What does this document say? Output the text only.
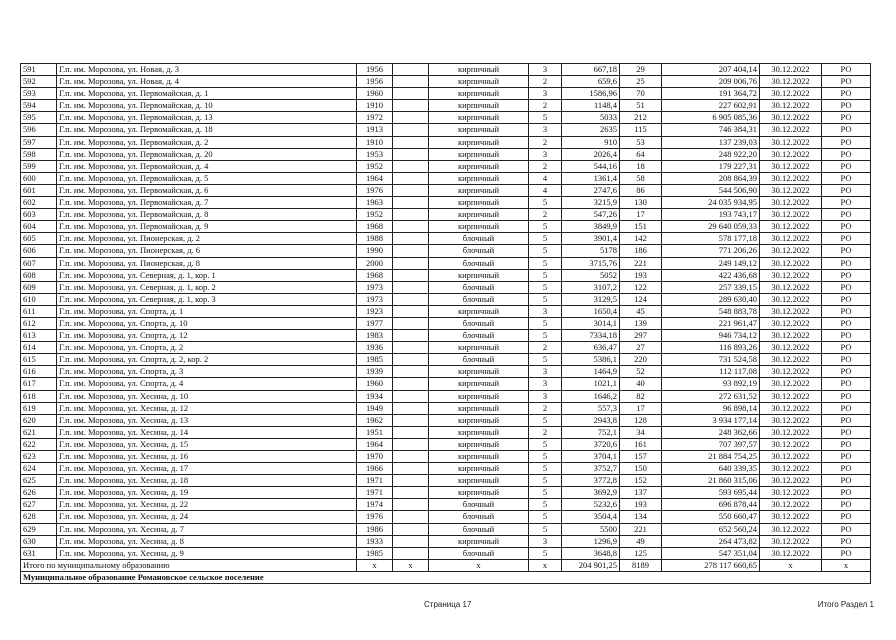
591	Г.п. им. Морозова, ул. Новая, д. 3	1956		кирпичный	3	667,18	29	207 404,14	30.12.2022	РО
592	Г.п. им. Морозова, ул. Новая, д. 4	1956		кирпичный	2	659,6	25	209 006,76	30.12.2022	РО
593	Г.п. им. Морозова, ул. Первомайская, д. 1	1960		кирпичный	3	1586,96	70	191 364,72	30.12.2022	РО
594	Г.п. им. Морозова, ул. Первомайская, д. 10	1910		кирпичный	2	1148,4	51	227 602,91	30.12.2022	РО
595	Г.п. им. Морозова, ул. Первомайская, д. 13	1972		кирпичный	5	5033	212	6 905 085,36	30.12.2022	РО
596	Г.п. им. Морозова, ул. Первомайская, д. 18	1913		кирпичный	3	2635	115	746 384,31	30.12.2022	РО
597	Г.п. им. Морозова, ул. Первомайская, д. 2	1910		кирпичный	2	910	53	137 239,03	30.12.2022	РО
598	Г.п. им. Морозова, ул. Первомайская, д. 20	1953		кирпичный	3	2026,4	64	248 922,20	30.12.2022	РО
599	Г.п. им. Морозова, ул. Первомайская, д. 4	1952		кирпичный	2	544,16	18	179 227,31	30.12.2022	РО
600	Г.п. им. Морозова, ул. Первомайская, д. 5	1964		кирпичный	4	1361,4	58	208 864,39	30.12.2022	РО
601	Г.п. им. Морозова, ул. Первомайская, д. 6	1976		кирпичный	4	2747,6	86	544 506,90	30.12.2022	РО
602	Г.п. им. Морозова, ул. Первомайская, д. 7	1963		кирпичный	5	3215,9	130	24 035 934,95	30.12.2022	РО
603	Г.п. им. Морозова, ул. Первомайская, д. 8	1952		кирпичный	2	547,26	17	193 743,17	30.12.2022	РО
604	Г.п. им. Морозова, ул. Первомайская, д. 9	1968		кирпичный	5	3849,9	151	29 640 059,33	30.12.2022	РО
605	Г.п. им. Морозова, ул. Пионерская, д. 2	1988		блочный	5	3901,4	142	578 177,18	30.12.2022	РО
606	Г.п. им. Морозова, ул. Пионерская, д. 6	1990		блочный	5	5178	186	771 206,26	30.12.2022	РО
607	Г.п. им. Морозова, ул. Пионерская, д. 8	2000		блочный	5	3715,76	221	249 149,12	30.12.2022	РО
608	Г.п. им. Морозова, ул. Северная, д. 1, кор. 1	1968		кирпичный	5	5052	193	422 436,68	30.12.2022	РО
609	Г.п. им. Морозова, ул. Северная, д. 1, кор. 2	1973		блочный	5	3107,2	122	257 339,15	30.12.2022	РО
610	Г.п. им. Морозова, ул. Северная, д. 1, кор. 3	1973		блочный	5	3129,5	124	289 630,40	30.12.2022	РО
611	Г.п. им. Морозова, ул. Спорта, д. 1	1923		кирпичный	3	1650,4	45	548 883,78	30.12.2022	РО
612	Г.п. им. Морозова, ул. Спорта, д. 10	1977		блочный	5	3014,1	139	221 961,47	30.12.2022	РО
613	Г.п. им. Морозова, ул. Спорта, д. 12	1983		блочный	5	7334,18	297	946 734,12	30.12.2022	РО
614	Г.п. им. Морозова, ул. Спорта, д. 2	1936		кирпичный	2	636,47	27	116 893,26	30.12.2022	РО
615	Г.п. им. Морозова, ул. Спорта, д. 2, кор. 2	1985		блочный	5	5386,1	220	731 524,58	30.12.2022	РО
616	Г.п. им. Морозова, ул. Спорта, д. 3	1939		кирпичный	3	1464,9	52	112 117,08	30.12.2022	РО
617	Г.п. им. Морозова, ул. Спорта, д. 4	1960		кирпичный	3	1021,1	40	93 892,19	30.12.2022	РО
618	Г.п. им. Морозова, ул. Хесина, д. 10	1934		кирпичный	3	1646,2	82	272 631,52	30.12.2022	РО
619	Г.п. им. Морозова, ул. Хесина, д. 12	1949		кирпичный	2	557,3	17	96 898,14	30.12.2022	РО
620	Г.п. им. Морозова, ул. Хесина, д. 13	1962		кирпичный	5	2943,8	128	3 934 177,14	30.12.2022	РО
621	Г.п. им. Морозова, ул. Хесина, д. 14	1951		кирпичный	2	752,1	34	248 362,66	30.12.2022	РО
622	Г.п. им. Морозова, ул. Хесина, д. 15	1964		кирпичный	5	3720,6	161	707 397,57	30.12.2022	РО
623	Г.п. им. Морозова, ул. Хесина, д. 16	1970		кирпичный	5	3704,1	157	21 884 754,25	30.12.2022	РО
624	Г.п. им. Морозова, ул. Хесина, д. 17	1966		кирпичный	5	3752,7	150	640 339,35	30.12.2022	РО
625	Г.п. им. Морозова, ул. Хесина, д. 18	1971		кирпичный	5	3772,8	152	21 860 315,06	30.12.2022	РО
626	Г.п. им. Морозова, ул. Хесина, д. 19	1971		кирпичный	5	3692,9	137	593 695,44	30.12.2022	РО
627	Г.п. им. Морозова, ул. Хесина, д. 22	1974		блочный	5	5232,6	193	696 878,44	30.12.2022	РО
628	Г.п. им. Морозова, ул. Хесина, д. 24	1976		блочный	5	3504,4	134	550 660,47	30.12.2022	РО
629	Г.п. им. Морозова, ул. Хесина, д. 7	1986		блочный	5	5500	221	652 560,24	30.12.2022	РО
630	Г.п. им. Морозова, ул. Хесина, д. 8	1933		кирпичный	3	1296,9	49	264 473,82	30.12.2022	РО
631	Г.п. им. Морозова, ул. Хесина, д. 9	1985		блочный	5	3648,8	125	547 351,04	30.12.2022	РО
Итого по муниципальному образованию		х	х	х	х	204 901,25	8189	278 117 660,65	х	х
Муниципальное образование Романовское сельское поселение										
Страница 17	Итого Раздел 1
